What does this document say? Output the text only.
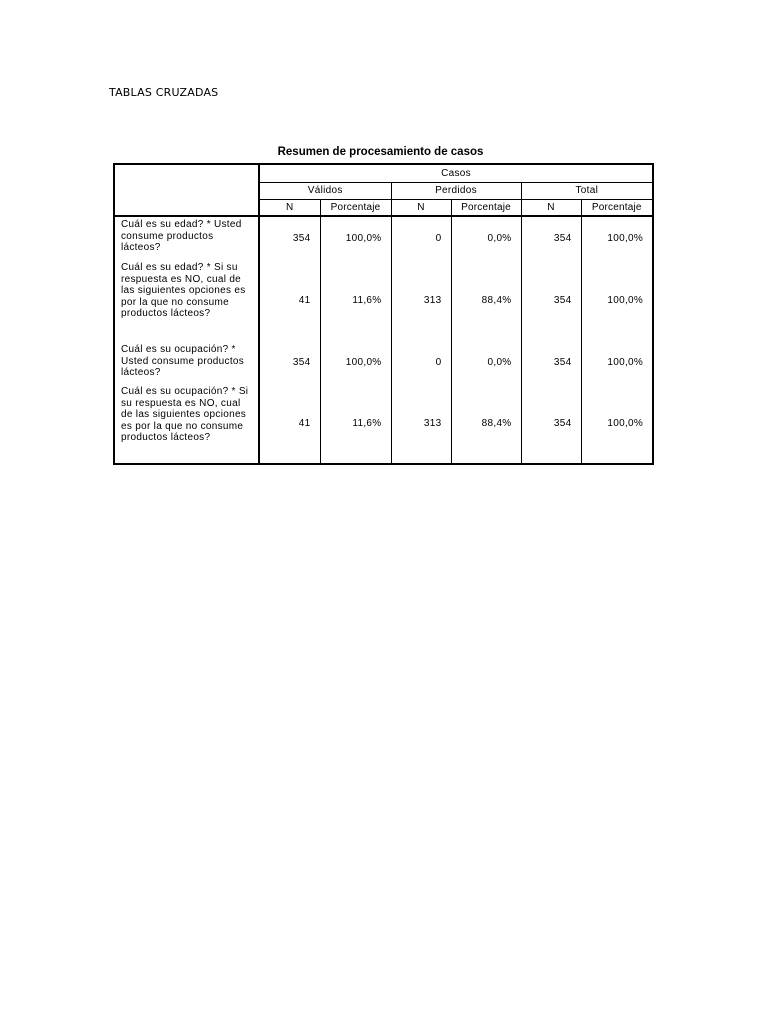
TABLAS CRUZADAS
Resumen de procesamiento de casos
	Casos					
	Válidos		Perdidos		Total	
	N	Porcentaje	N	Porcentaje	N	Porcentaje
Cuál es su edad? * Usted consume productos lácteos?	354	100,0%	0	0,0%	354	100,0%
Cuál es su edad? * Si su respuesta es NO, cual de las siguientes opciones es por la que no consume productos lácteos?	41	11,6%	313	88,4%	354	100,0%
Cuál es su ocupación? * Usted consume productos lácteos?	354	100,0%	0	0,0%	354	100,0%
Cuál es su ocupación? * Si su respuesta es NO, cual de las siguientes opciones es por la que no consume productos lácteos?	41	11,6%	313	88,4%	354	100,0%
